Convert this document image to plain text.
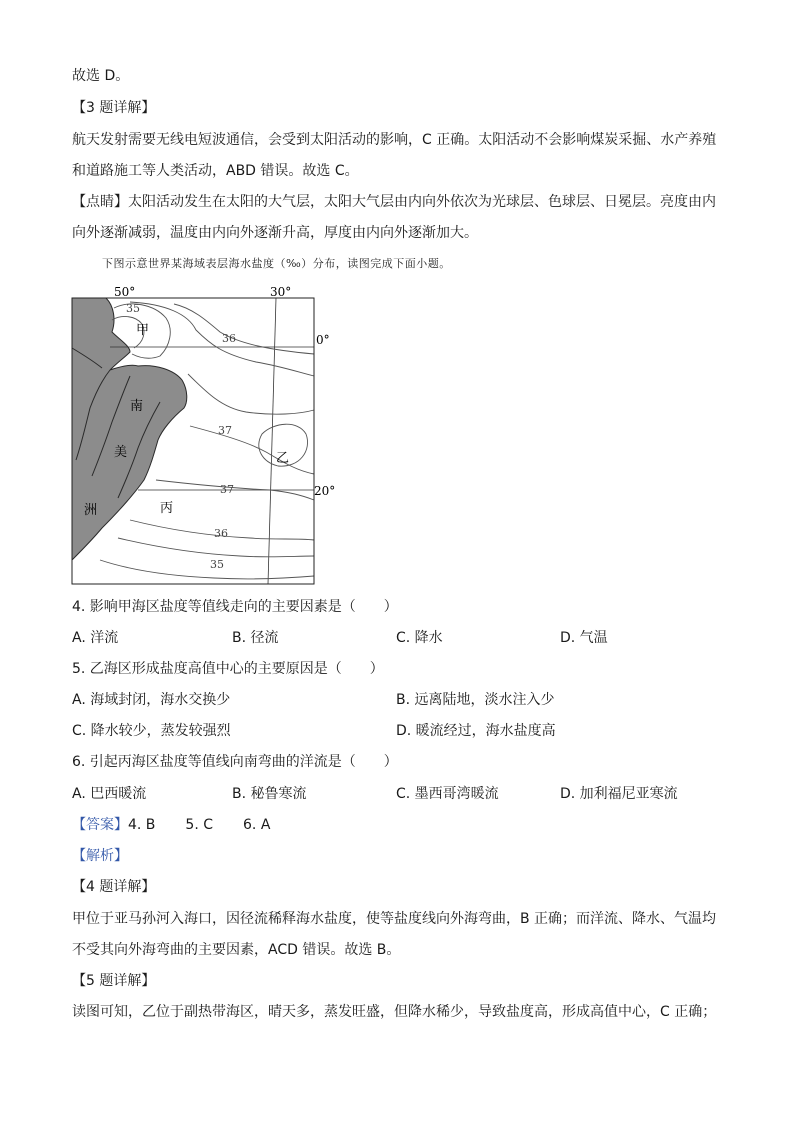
故选 D。
【3 题详解】
航天发射需要无线电短波通信，会受到太阳活动的影响，C 正确。太阳活动不会影响煤炭采掘、水产养殖
和道路施工等人类活动，ABD 错误。故选 C。
【点睛】太阳活动发生在太阳的大气层，太阳大气层由内向外依次为光球层、色球层、日冕层。亮度由内
向外逐渐减弱，温度由内向外逐渐升高，厚度由内向外逐渐加大。
下图示意世界某海域表层海水盐度（‰）分布，读图完成下面小题。
50°	30°
0°
20°
35
36
37
37
36
35
甲
乙
丙
南
美
洲
4. 影响甲海区盐度等值线走向的主要因素是（　　）
A. 洋流	B. 径流	C. 降水	D. 气温
5. 乙海区形成盐度高值中心的主要原因是（　　）
A. 海域封闭，海水交换少	B. 远离陆地，淡水注入少
C. 降水较少，蒸发较强烈	D. 暖流经过，海水盐度高
6. 引起丙海区盐度等值线向南弯曲的洋流是（　　）
A. 巴西暖流	B. 秘鲁寒流	C. 墨西哥湾暖流	D. 加利福尼亚寒流
【答案】4. B 5. C 6. A
【解析】
【4 题详解】
甲位于亚马孙河入海口，因径流稀释海水盐度，使等盐度线向外海弯曲，B 正确；而洋流、降水、气温均
不受其向外海弯曲的主要因素，ACD 错误。故选 B。
【5 题详解】
读图可知，乙位于副热带海区，晴天多，蒸发旺盛，但降水稀少，导致盐度高，形成高值中心，C 正确；
